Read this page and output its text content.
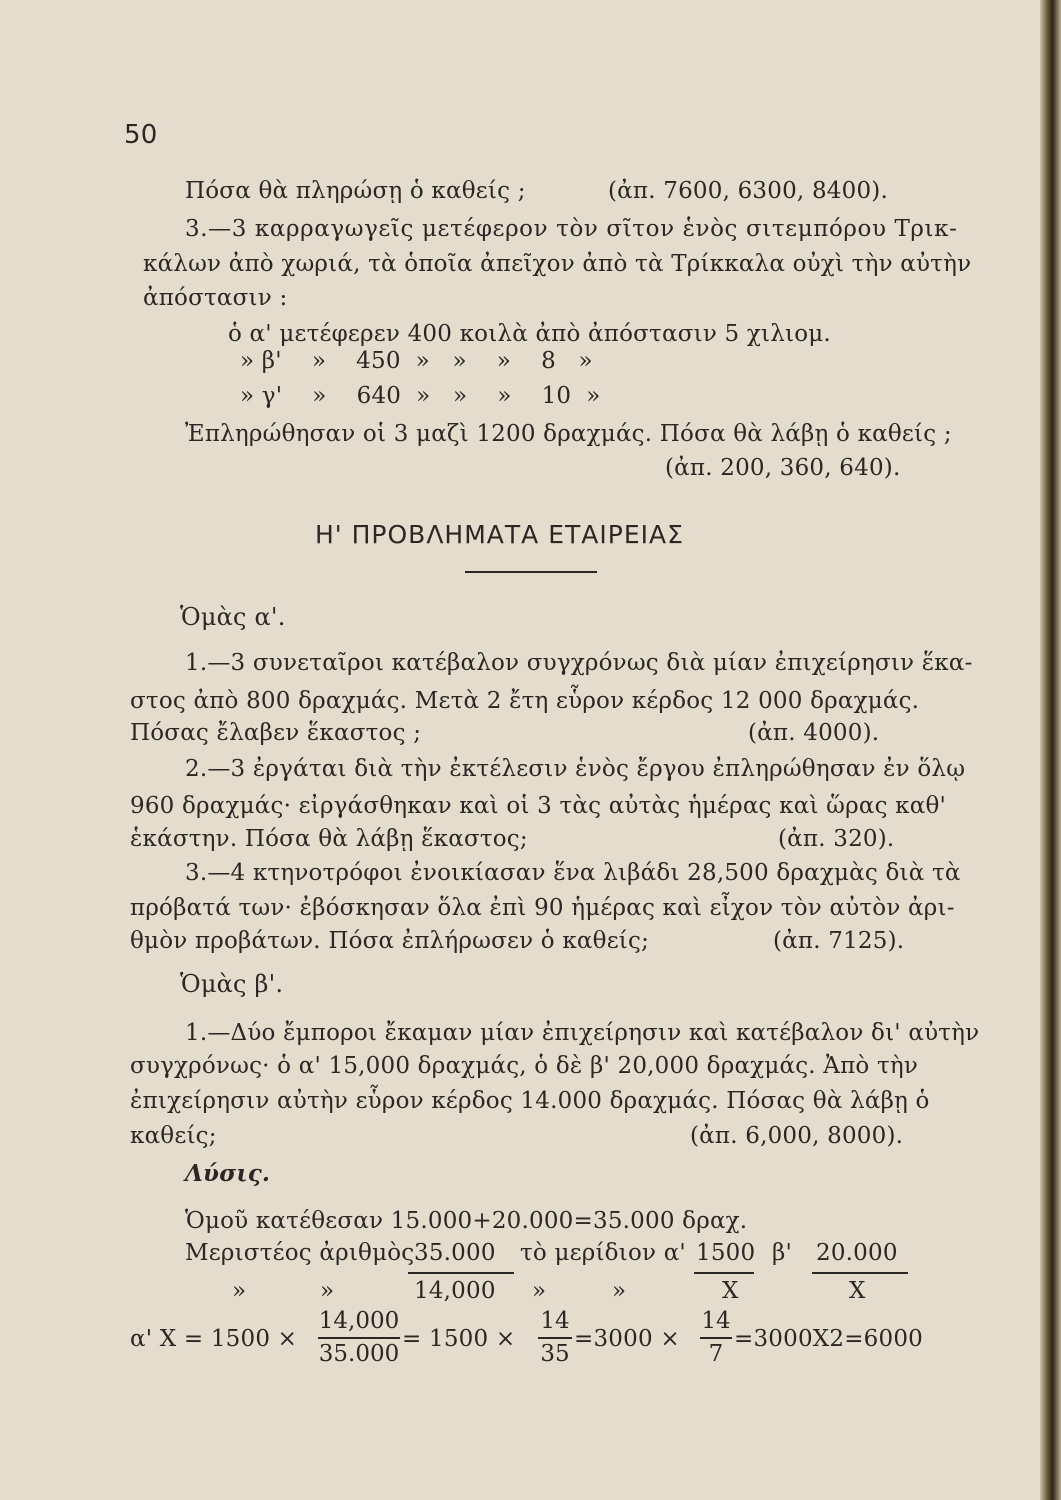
50
Πόσα θὰ πληρώσῃ ὁ καθείς ;	(ἀπ. 7600, 6300, 8400).
3.—3 καρραγωγεῖς μετέφερον τὸν σῖτον ἑνὸς σιτεμπόρου Τρικ-
κάλων ἀπὸ χωριά, τὰ ὁποῖα ἀπεῖχον ἀπὸ τὰ Τρίκκαλα οὐχὶ τὴν αὐτὴν
ἀπόστασιν :
ὁ α' μετέφερεν 400 κοιλὰ ἀπὸ ἀπόστασιν 5 χιλιομ.
» β'    »    450  »   »    »    8   »
» γ'    »    640  »   »    »    10  »
Ἐπληρώθησαν οἱ 3 μαζὶ 1200 δραχμάς. Πόσα θὰ λάβῃ ὁ καθείς ;
(ἀπ. 200, 360, 640).
Η' ΠΡΟΒΛΗΜΑΤΑ ΕΤΑΙΡΕΙΑΣ
Ὁμὰς α'.
1.—3 συνεταῖροι κατέβαλον συγχρόνως διὰ μίαν ἐπιχείρησιν ἕκα-
στος ἀπὸ 800 δραχμάς. Μετὰ 2 ἔτη εὗρον κέρδος 12 000 δραχμάς.
Πόσας ἔλαβεν ἕκαστος ;	(ἀπ. 4000).
2.—3 ἐργάται διὰ τὴν ἐκτέλεσιν ἑνὸς ἔργου ἐπληρώθησαν ἐν ὅλῳ
960 δραχμάς· εἰργάσθηκαν καὶ οἱ 3 τὰς αὐτὰς ἡμέρας καὶ ὥρας καθ'
ἑκάστην. Πόσα θὰ λάβῃ ἕκαστος;	(ἀπ. 320).
3.—4 κτηνοτρόφοι ἐνοικίασαν ἕνα λιβάδι 28,500 δραχμὰς διὰ τὰ
πρόβατά των· ἐβόσκησαν ὅλα ἐπὶ 90 ἡμέρας καὶ εἶχον τὸν αὐτὸν ἀρι-
θμὸν προβάτων. Πόσα ἐπλήρωσεν ὁ καθείς;	(ἀπ. 7125).
Ὁμὰς β'.
1.—Δύο ἔμποροι ἔκαμαν μίαν ἐπιχείρησιν καὶ κατέβαλον δι' αὐτὴν
συγχρόνως· ὁ α' 15,000 δραχμάς, ὁ δὲ β' 20,000 δραχμάς. Ἀπὸ τὴν
ἐπιχείρησιν αὐτὴν εὗρον κέρδος 14.000 δραχμάς. Πόσας θὰ λάβῃ ὁ
καθείς;	(ἀπ. 6,000, 8000).
Λύσις.
Ὁμοῦ κατέθεσαν 15.000+20.000=35.000 δραχ.
Μεριστέος ἀριθμὸς 35.000 τὸ μερίδιον α' 1500 β' 20.000
»	»	14,000 »	»	X	X
α' X = 1500 ×
14,000
35.000
= 1500 ×
14
35
=3000 ×
14
7
=3000X2=6000
